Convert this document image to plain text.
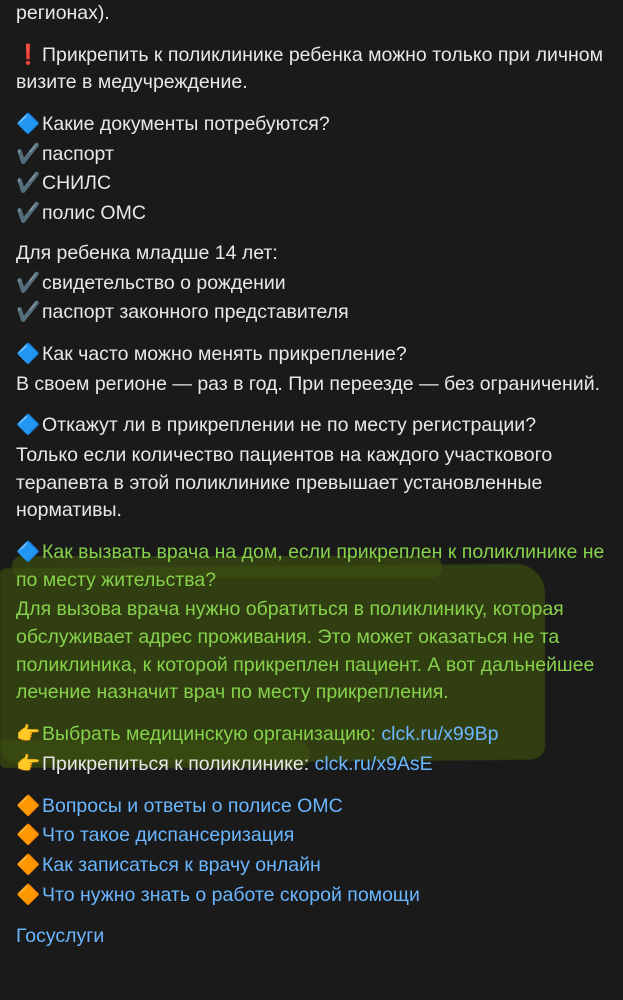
регионах).

❗Прикрепить к поликлинике ребенка можно только при личном визите в медучреждение.

🔷Какие документы потребуются?

✔️паспорт

✔️СНИЛС

✔️полис ОМС

Для ребенка младше 14 лет:

✔️свидетельство о рождении

✔️паспорт законного представителя

🔷Как часто можно менять прикрепление?

В своем регионе — раз в год. При переезде — без ограничений.

🔷Откажут ли в прикреплении не по месту регистрации?

Только если количество пациентов на каждого участкового терапевта в этой поликлинике превышает установленные нормативы.

🔷Как вызвать врача на дом, если прикреплен к поликлинике не по месту жительства?

Для вызова врача нужно обратиться в поликлинику, которая обслуживает адрес проживания. Это может оказаться не та поликлиника, к которой прикреплен пациент. А вот дальнейшее лечение назначит врач по месту прикрепления.

👉Выбрать медицинскую организацию: clck.ru/x99Bp

👉Прикрепиться к поликлинике: clck.ru/x9AsE

🔶Вопросы и ответы о полисе ОМС

🔶Что такое диспансеризация

🔶Как записаться к врачу онлайн

🔶Что нужно знать о работе скорой помощи

Госуслуги
